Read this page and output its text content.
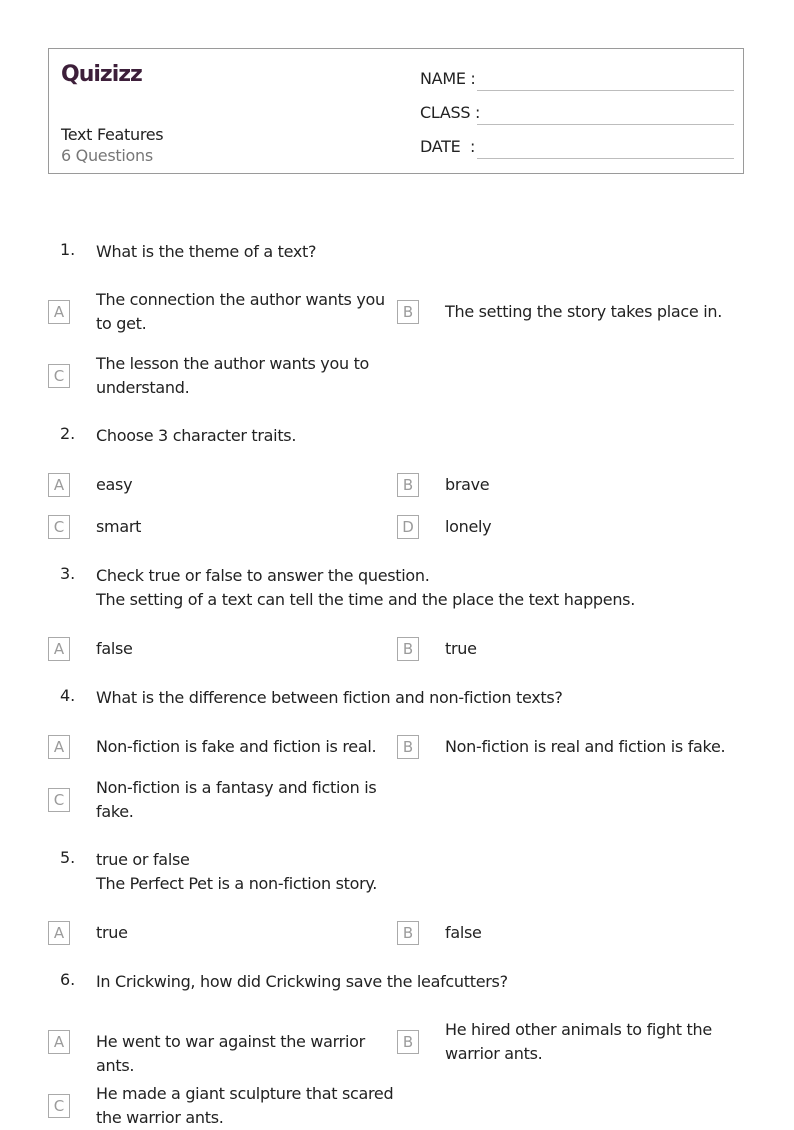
Quizizz
Text Features
6 Questions
NAME :
CLASS :
DATE  :
1. What is the theme of a text?
A
The connection the author wants you to get.
B	The setting the story takes place in.
C
The lesson the author wants you to understand.
2. Choose 3 character traits.
A	easy	B	brave
C	smart	D	lonely
3. Check true or false to answer the question.
The setting of a text can tell the time and the place the text happens.
A	false	B	true
4. What is the difference between fiction and non-fiction texts?
A	Non-fiction is fake and fiction is real.	B	Non-fiction is real and fiction is fake.
C
Non-fiction is a fantasy and fiction is fake.
5. true or false
The Perfect Pet is a non-fiction story.
A	true	B	false
6. In Crickwing, how did Crickwing save the leafcutters?
A	He went to war against the warrior ants.
B
He hired other animals to fight the warrior ants.
C
He made a giant sculpture that scared the warrior ants.
